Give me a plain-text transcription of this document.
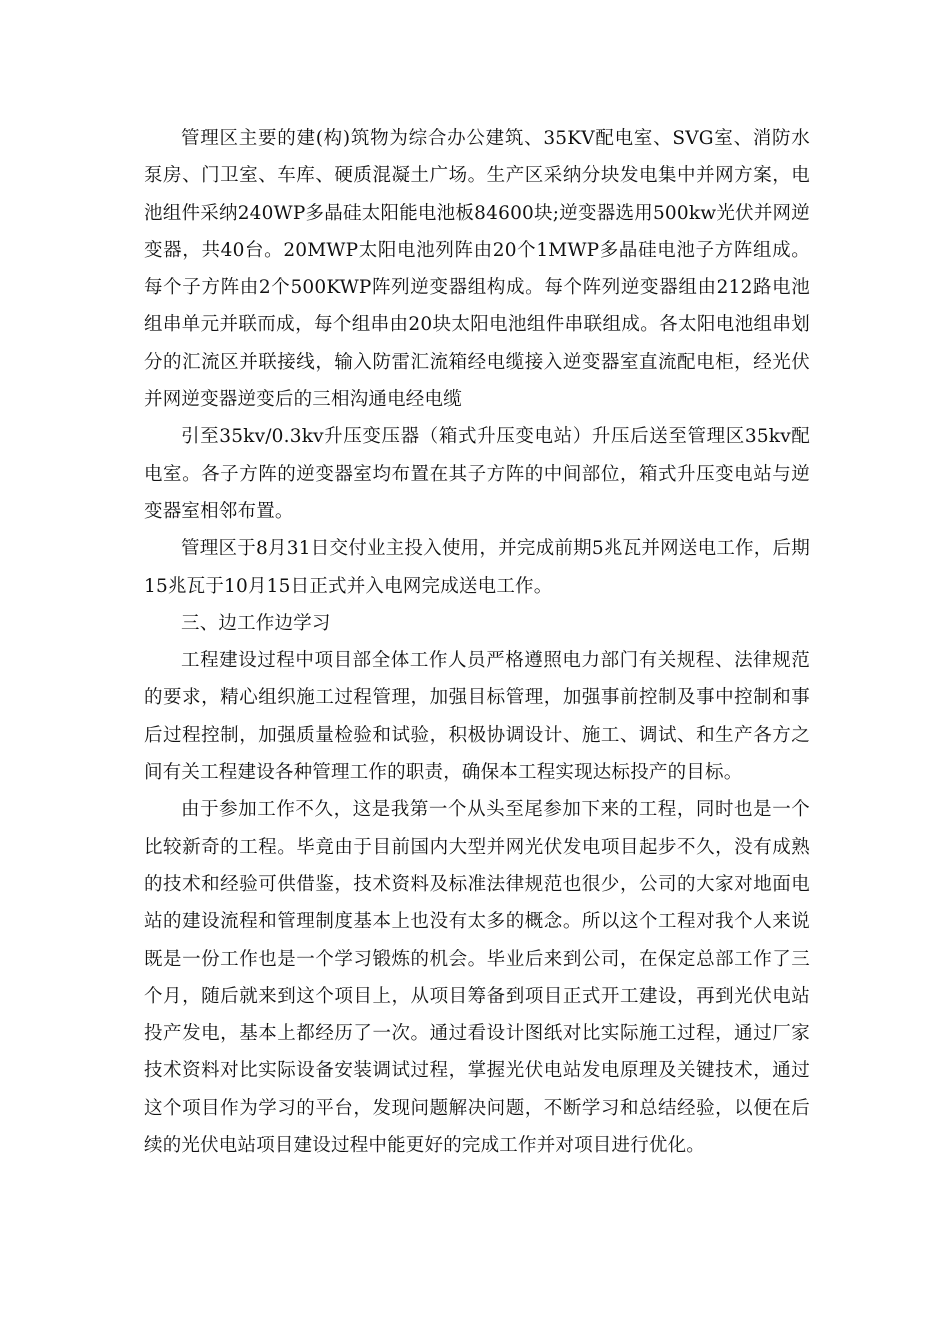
管理区主要的建(构)筑物为综合办公建筑、35KV配电室、SVG室、消防水泵房、门卫室、车库、硬质混凝土广场。生产区采纳分块发电集中并网方案，电池组件采纳240WP多晶硅太阳能电池板84600块;逆变器选用500kw光伏并网逆变器，共40台。20MWP太阳电池列阵由20个1MWP多晶硅电池子方阵组成。每个子方阵由2个500KWP阵列逆变器组构成。每个阵列逆变器组由212路电池组串单元并联而成，每个组串由20块太阳电池组件串联组成。各太阳电池组串划分的汇流区并联接线，输入防雷汇流箱经电缆接入逆变器室直流配电柜，经光伏并网逆变器逆变后的三相沟通电经电缆

引至35kv/0.3kv升压变压器（箱式升压变电站）升压后送至管理区35kv配电室。各子方阵的逆变器室均布置在其子方阵的中间部位，箱式升压变电站与逆变器室相邻布置。

管理区于8月31日交付业主投入使用，并完成前期5兆瓦并网送电工作，后期15兆瓦于10月15日正式并入电网完成送电工作。

三、边工作边学习

工程建设过程中项目部全体工作人员严格遵照电力部门有关规程、法律规范的要求，精心组织施工过程管理，加强目标管理，加强事前控制及事中控制和事后过程控制，加强质量检验和试验，积极协调设计、施工、调试、和生产各方之间有关工程建设各种管理工作的职责，确保本工程实现达标投产的目标。

由于参加工作不久，这是我第一个从头至尾参加下来的工程，同时也是一个比较新奇的工程。毕竟由于目前国内大型并网光伏发电项目起步不久，没有成熟的技术和经验可供借鉴，技术资料及标准法律规范也很少，公司的大家对地面电站的建设流程和管理制度基本上也没有太多的概念。所以这个工程对我个人来说既是一份工作也是一个学习锻炼的机会。毕业后来到公司，在保定总部工作了三个月，随后就来到这个项目上，从项目筹备到项目正式开工建设，再到光伏电站投产发电，基本上都经历了一次。通过看设计图纸对比实际施工过程，通过厂家技术资料对比实际设备安装调试过程，掌握光伏电站发电原理及关键技术，通过这个项目作为学习的平台，发现问题解决问题，不断学习和总结经验，以便在后续的光伏电站项目建设过程中能更好的完成工作并对项目进行优化。
